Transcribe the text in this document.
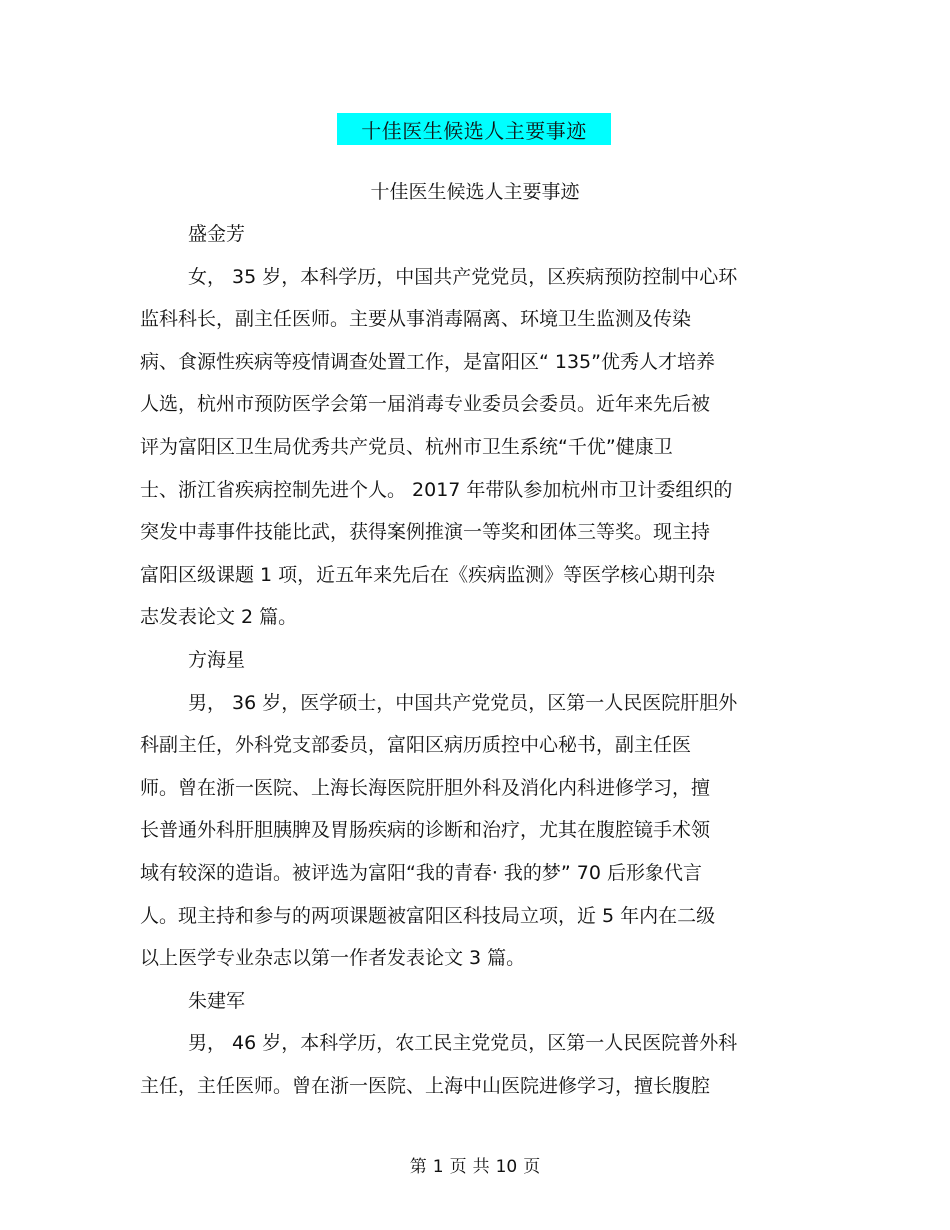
十佳医生候选人主要事迹
十佳医生候选人主要事迹
盛金芳
女， 35 岁，本科学历，中国共产党党员，区疾病预防控制中心环
监科科长，副主任医师。主要从事消毒隔离、环境卫生监测及传染
病、食源性疾病等疫情调查处置工作，是富阳区“ 135”优秀人才培养
人选，杭州市预防医学会第一届消毒专业委员会委员。近年来先后被
评为富阳区卫生局优秀共产党员、杭州市卫生系统“千优”健康卫
士、浙江省疾病控制先进个人。 2017 年带队参加杭州市卫计委组织的
突发中毒事件技能比武，获得案例推演一等奖和团体三等奖。现主持
富阳区级课题 1 项，近五年来先后在《疾病监测》等医学核心期刊杂
志发表论文 2 篇。
方海星
男， 36 岁，医学硕士，中国共产党党员，区第一人民医院肝胆外
科副主任，外科党支部委员，富阳区病历质控中心秘书，副主任医
师。曾在浙一医院、上海长海医院肝胆外科及消化内科进修学习，擅
长普通外科肝胆胰脾及胃肠疾病的诊断和治疗，尤其在腹腔镜手术领
域有较深的造诣。被评选为富阳“我的青春· 我的梦” 70 后形象代言
人。现主持和参与的两项课题被富阳区科技局立项，近 5 年内在二级
以上医学专业杂志以第一作者发表论文 3 篇。
朱建军
男， 46 岁，本科学历，农工民主党党员，区第一人民医院普外科
主任，主任医师。曾在浙一医院、上海中山医院进修学习，擅长腹腔
第 1 页 共 10 页
